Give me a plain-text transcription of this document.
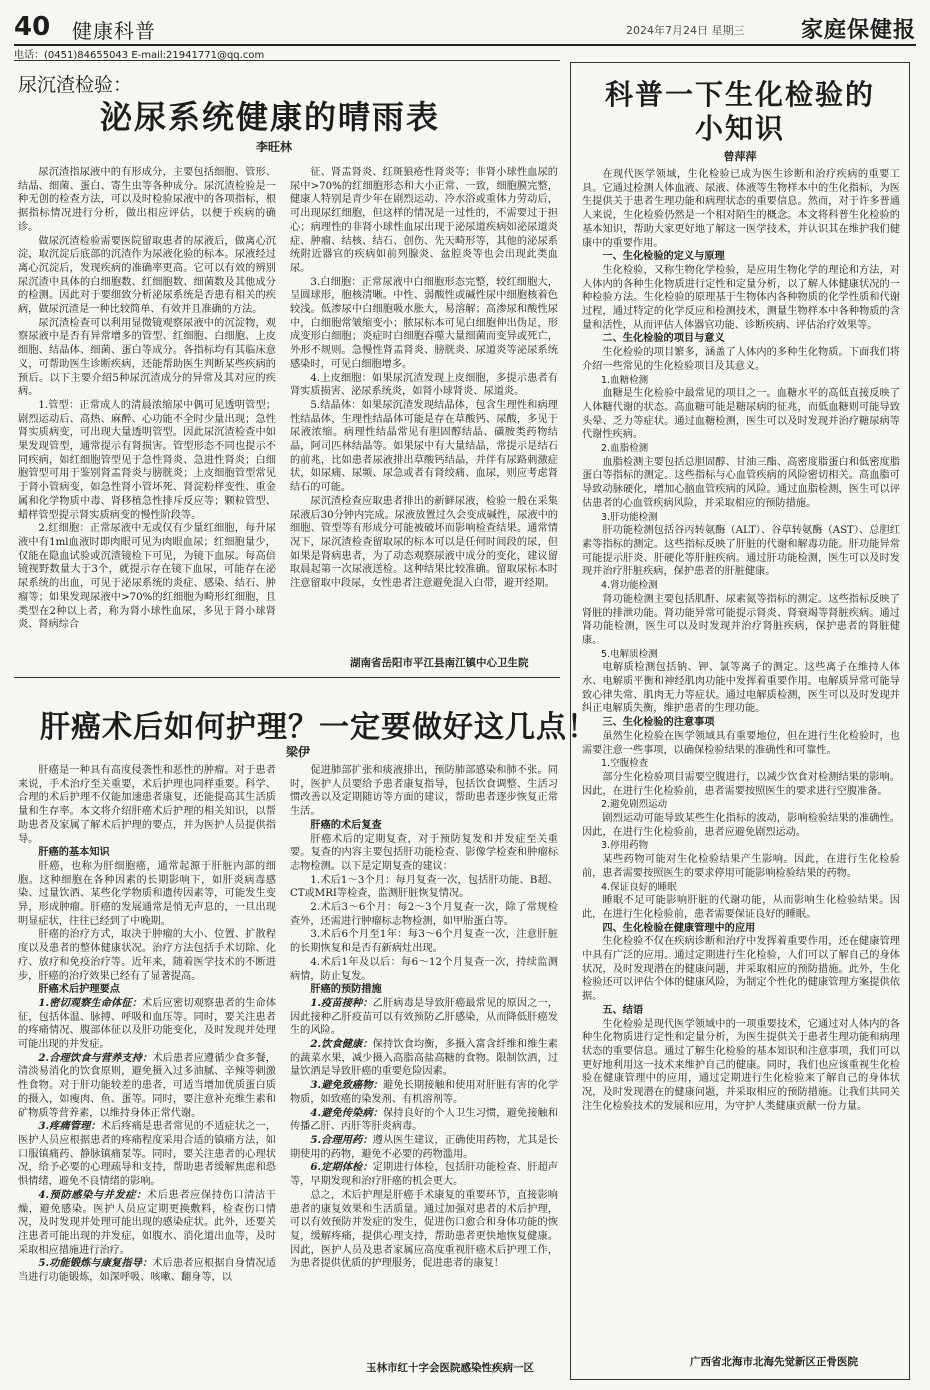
40 健康科普	2024年7月24日 星期三	家庭保健报
电话：(0451)84655043 E-mail:21941771@qq.com
尿沉渣检验：
泌尿系统健康的晴雨表
李旺林

尿沉渣指尿液中的有形成分，主要包括细胞、管形、结晶、细菌、蛋白、寄生虫等各种成分。尿沉渣检验是一种无创的检查方法，可以及时检验尿液中的各项指标，根据指标情况进行分析，做出相应评估，以便于疾病的确诊。

做尿沉渣检验需要医院留取患者的尿液后，做离心沉淀，取沉淀后底部的沉渣作为尿液化验的标本。尿液经过离心沉淀后，发现疾病的准确率更高。它可以有效的辨别尿沉渣中具体的白细胞数、红细胞数、细菌数及其他成分的检测。因此对于要细致分析泌尿系统是否患有相关的疾病，做尿沉渣是一种比较简单、有效并且准确的方法。

尿沉渣检查可以利用显微镜观察尿液中的沉淀物，观察尿液中是否有异常增多的管型、红细胞、白细胞、上皮细胞、结晶体、细菌、蛋白等成分。各指标均有其临床意义，可帮助医生诊断疾病，还能帮助医生判断某些疾病的预后。以下主要介绍5种尿沉渣成分的异常及其对应的疾病。

1.管型：正常成人的清晨浓缩尿中偶可见透明管型；剧烈运动后、高热、麻醉、心功能不全时少量出现；急性肾实质病变，可出现大量透明管型。因此尿沉渣检查中如果发现管型，通常提示有肾损害。管型形态不同也提示不同疾病，如红细胞管型见于急性肾炎、急进性肾炎；白细胞管型可用于鉴别肾盂肾炎与膀胱炎；上皮细胞管型常见于肾小管病变，如急性肾小管坏死、肾淀粉样变性、重金属和化学物质中毒、肾移植急性排斥反应等；颗粒管型、蜡样管型提示肾实质病变的慢性阶段等。

2.红细胞：正常尿液中无或仅有少量红细胞，每升尿液中有1ml血液时即肉眼可见为肉眼血尿；红细胞量少，仅能在隐血试验或沉渣镜检下可见，为镜下血尿。每高倍镜视野数量大于3个，就提示存在镜下血尿，可能存在泌尿系统的出血，可见于泌尿系统的炎症、感染、结石、肿瘤等；如果发现尿液中>70%的红细胞为畸形红细胞，且类型在2种以上者，称为肾小球性血尿，多见于肾小球肾炎、肾病综合

征、肾盂肾炎、红斑狼疮性肾炎等；非肾小球性血尿的尿中>70%的红细胞形态和大小正常、一致，细胞膜完整，健康人特别是青少年在剧烈运动、冷水浴或重体力劳动后，可出现尿红细胞，但这样的情况是一过性的，不需要过于担心；病理性的非肾小球性血尿出现于泌尿道疾病如泌尿道炎症、肿瘤、结核、结石、创伤、先天畸形等，其他的泌尿系统附近器官的疾病如前列腺炎、盆腔炎等也会出现此类血尿。

3.白细胞：正常尿液中白细胞形态完整，较红细胞大，呈圆球形，胞核清晰。中性、弱酸性或碱性尿中细胞核着色较浅。低渗尿中白细胞吸水胀大，易溶解；高渗尿和酸性尿中，白细胞常皱缩变小；脓尿标本可见白细胞伸出伪足，形成变形白细胞；炎症时白细胞吞噬大量细菌而变异或死亡，外形不规则。急慢性肾盂肾炎、膀胱炎、尿道炎等泌尿系统感染时，可见白细胞增多。

4.上皮细胞：如果尿沉渣发现上皮细胞，多提示患者有肾实质损害、泌尿系统炎，如肾小球肾炎、尿道炎。

5.结晶体：如果尿沉渣发现结晶体，包含生理性和病理性结晶体，生理性结晶体可能是存在草酸钙、尿酸，多见于尿液浓缩。病理性结晶常见有胆固醇结晶、磺胺类药物结晶，阿司匹林结晶等。如果尿中有大量结晶，常提示是结石的前兆，比如患者尿液排出草酸钙结晶，并伴有尿路刺激症状，如尿痛、尿频、尿急或者有肾绞痛、血尿，则应考虑肾结石的可能。

尿沉渣检查应取患者排出的新鲜尿液，检验一般在采集尿液后30分钟内完成。尿液放置过久会变成碱性，尿液中的细胞、管型等有形成分可能被破坏而影响检查结果。通常情况下，尿沉渣检查留取尿的标本可以是任何时间段的尿，但如果是肾病患者，为了动态观察尿液中成分的变化，建议留取晨起第一次尿液送检。这种结果比较准确。留取尿标本时注意留取中段尿，女性患者注意避免混入白带，避开经期。

湖南省岳阳市平江县南江镇中心卫生院
肝癌术后如何护理？一定要做好这几点！
梁伊

肝癌是一种具有高度侵袭性和恶性的肿瘤。对于患者来说，手术治疗至关重要，术后护理也同样重要。科学、合理的术后护理不仅能加速患者康复，还能提高其生活质量和生存率。本文将介绍肝癌术后护理的相关知识，以帮助患者及家属了解术后护理的要点，并为医护人员提供指导。

肝癌的基本知识

肝癌，也称为肝细胞癌，通常起源于肝脏内部的细胞。这种细胞在各种因素的长期影响下，如肝炎病毒感染、过量饮酒、某些化学物质和遗传因素等，可能发生变异，形成肿瘤。肝癌的发展通常是悄无声息的，一旦出现明显症状，往往已经到了中晚期。

肝癌的治疗方式，取决于肿瘤的大小、位置、扩散程度以及患者的整体健康状况。治疗方法包括手术切除、化疗、放疗和免疫治疗等。近年来，随着医学技术的不断进步，肝癌的治疗效果已经有了显著提高。

肝癌术后护理要点

1.密切观察生命体征：术后应密切观察患者的生命体征，包括体温、脉搏、呼吸和血压等。同时，要关注患者的疼痛情况、腹部体征以及肝功能变化，及时发现并处理可能出现的并发症。

2.合理饮食与营养支持：术后患者应遵循少食多餐，清淡易消化的饮食原则，避免摄入过多油腻、辛辣等刺激性食物。对于肝功能较差的患者，可适当增加优质蛋白质的摄入，如瘦肉、鱼、蛋等。同时，要注意补充维生素和矿物质等营养素，以维持身体正常代谢。

3.疼痛管理：术后疼痛是患者常见的不适症状之一，医护人员应根据患者的疼痛程度采用合适的镇痛方法，如口服镇痛药、静脉镇痛泵等。同时，要关注患者的心理状况，给予必要的心理疏导和支持，帮助患者缓解焦虑和恐惧情绪，避免不良情绪的影响。

4.预防感染与并发症：术后患者应保持伤口清洁干燥，避免感染。医护人员应定期更换敷料，检查伤口情况，及时发现并处理可能出现的感染症状。此外，还要关注患者可能出现的并发症，如腹水、消化道出血等，及时采取相应措施进行治疗。

5.功能锻炼与康复指导：术后患者应根据自身情况适当进行功能锻炼，如深呼吸、咳嗽、翻身等，以

促进肺部扩张和痰液排出，预防肺部感染和肺不张。同时，医护人员要给予患者康复指导，包括饮食调整、生活习惯改善以及定期随访等方面的建议，帮助患者逐步恢复正常生活。

肝癌的术后复查

肝癌术后的定期复查，对于预防复发和并发症至关重要。复查的内容主要包括肝功能检查、影像学检查和肿瘤标志物检测。以下是定期复查的建议：

1.术后1～3个月：每月复查一次，包括肝功能、B超、CT或MRI等检查，监测肝脏恢复情况。

2.术后3～6个月：每2～3个月复查一次，除了常规检查外，还需进行肿瘤标志物检测，如甲胎蛋白等。

3.术后6个月至1年：每3～6个月复查一次，注意肝脏的长期恢复和是否有新病灶出现。

4.术后1年及以后：每6～12个月复查一次，持续监测病情，防止复发。

肝癌的预防措施

1.疫苗接种：乙肝病毒是导致肝癌最常见的原因之一，因此接种乙肝疫苗可以有效预防乙肝感染，从而降低肝癌发生的风险。

2.饮食健康：保持饮食均衡，多摄入富含纤维和维生素的蔬菜水果，减少摄入高脂高盐高糖的食物。限制饮酒，过量饮酒是导致肝癌的重要危险因素。

3.避免致癌物：避免长期接触和使用对肝脏有害的化学物质，如致癌的染发剂、有机溶剂等。

4.避免传染病：保持良好的个人卫生习惯，避免接触和传播乙肝、丙肝等肝炎病毒。

5.合理用药：遵从医生建议，正确使用药物，尤其是长期使用的药物，避免不必要的药物滥用。

6.定期体检：定期进行体检，包括肝功能检查、肝超声等，早期发现和治疗肝癌的机会更大。

总之，术后护理是肝癌手术康复的重要环节，直接影响患者的康复效果和生活质量。通过加强对患者的术后护理，可以有效预防并发症的发生，促进伤口愈合和身体功能的恢复，缓解疼痛，提供心理支持，帮助患者更快地恢复健康。因此，医护人员及患者家属应高度重视肝癌术后护理工作，为患者提供优质的护理服务，促进患者的康复！

玉林市红十字会医院感染性疾病一区
科普一下生化检验的
小知识
曾萍萍

在现代医学领域，生化检验已成为医生诊断和治疗疾病的重要工具。它通过检测人体血液、尿液、体液等生物样本中的生化指标，为医生提供关于患者生理功能和病理状态的重要信息。然而，对于许多普通人来说，生化检验仍然是一个相对陌生的概念。本文将科普生化检验的基本知识，帮助大家更好地了解这一医学技术，并认识其在维护我们健康中的重要作用。

一、生化检验的定义与原理

生化检验，又称生物化学检验，是应用生物化学的理论和方法，对人体内的各种生化物质进行定性和定量分析，以了解人体健康状况的一种检验方法。生化检验的原理基于生物体内各种物质的化学性质和代谢过程，通过特定的化学反应和检测技术，测量生物样本中各种物质的含量和活性，从而评估人体器官功能、诊断疾病、评估治疗效果等。

二、生化检验的项目与意义

生化检验的项目繁多，涵盖了人体内的多种生化物质。下面我们将介绍一些常见的生化检验项目及其意义。

1.血糖检测

血糖是生化检验中最常见的项目之一。血糖水平的高低直接反映了人体糖代谢的状态。高血糖可能是糖尿病的征兆，而低血糖则可能导致头晕、乏力等症状。通过血糖检测，医生可以及时发现并治疗糖尿病等代谢性疾病。

2.血脂检测

血脂检测主要包括总胆固醇、甘油三酯、高密度脂蛋白和低密度脂蛋白等指标的测定。这些指标与心血管疾病的风险密切相关。高血脂可导致动脉硬化，增加心脑血管疾病的风险。通过血脂检测，医生可以评估患者的心血管疾病风险，并采取相应的预防措施。

3.肝功能检测

肝功能检测包括谷丙转氨酶（ALT）、谷草转氨酶（AST）、总胆红素等指标的测定。这些指标反映了肝脏的代谢和解毒功能。肝功能异常可能提示肝炎、肝硬化等肝脏疾病。通过肝功能检测，医生可以及时发现并治疗肝脏疾病，保护患者的肝脏健康。

4.肾功能检测

肾功能检测主要包括肌酐、尿素氮等指标的测定。这些指标反映了肾脏的排泄功能。肾功能异常可能提示肾炎、肾衰竭等肾脏疾病。通过肾功能检测，医生可以及时发现并治疗肾脏疾病，保护患者的肾脏健康。

5.电解质检测

电解质检测包括钠、钾、氯等离子的测定。这些离子在维持人体水、电解质平衡和神经肌肉功能中发挥着重要作用。电解质异常可能导致心律失常、肌肉无力等症状。通过电解质检测，医生可以及时发现并纠正电解质失衡，维护患者的生理功能。

三、生化检验的注意事项

虽然生化检验在医学领域具有重要地位，但在进行生化检验时，也需要注意一些事项，以确保检验结果的准确性和可靠性。

1.空腹检查

部分生化检验项目需要空腹进行，以减少饮食对检测结果的影响。因此，在进行生化检验前，患者需要按照医生的要求进行空腹准备。

2.避免剧烈运动

剧烈运动可能导致某些生化指标的波动，影响检验结果的准确性。因此，在进行生化检验前，患者应避免剧烈运动。

3.停用药物

某些药物可能对生化检验结果产生影响。因此，在进行生化检验前，患者需要按照医生的要求停用可能影响检验结果的药物。

4.保证良好的睡眠

睡眠不足可能影响肝脏的代谢功能，从而影响生化检验结果。因此，在进行生化检验前，患者需要保证良好的睡眠。

四、生化检验在健康管理中的应用

生化检验不仅在疾病诊断和治疗中发挥着重要作用，还在健康管理中具有广泛的应用。通过定期进行生化检验，人们可以了解自己的身体状况，及时发现潜在的健康问题，并采取相应的预防措施。此外，生化检验还可以评估个体的健康风险，为制定个性化的健康管理方案提供依据。

五、结语

生化检验是现代医学领域中的一项重要技术，它通过对人体内的各种生化物质进行定性和定量分析，为医生提供关于患者生理功能和病理状态的重要信息。通过了解生化检验的基本知识和注意事项，我们可以更好地利用这一技术来维护自己的健康。同时，我们也应该重视生化检验在健康管理中的应用，通过定期进行生化检验来了解自己的身体状况，及时发现潜在的健康问题，并采取相应的预防措施。让我们共同关注生化检验技术的发展和应用，为守护人类健康贡献一份力量。

广西省北海市北海先觉新区正骨医院
